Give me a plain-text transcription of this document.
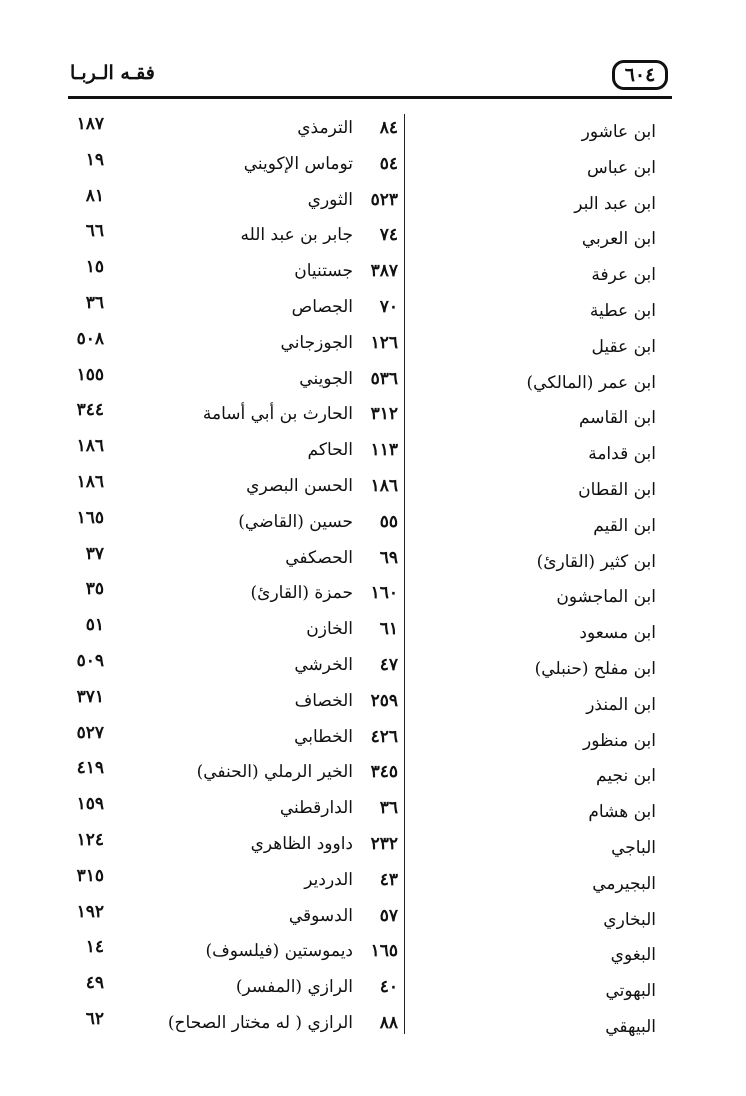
٦٠٤
فقـه الـربـا
ابن عاشور
٨٤
الترمذي
١٨٧
ابن عباس
٥٤
توماس الإكويني
١٩
ابن عبد البر
٥٢٣
الثوري
٨١
ابن العربي
٧٤
جابر بن عبد الله
٦٦
ابن عرفة
٣٨٧
جستنيان
١٥
ابن عطية
٧٠
الجصاص
٣٦
ابن عقيل
١٢٦
الجوزجاني
٥٠٨
ابن عمر (المالكي)
٥٣٦
الجويني
١٥٥
ابن القاسم
٣١٢
الحارث بن أبي أسامة
٣٤٤
ابن قدامة
١١٣
الحاكم
١٨٦
ابن القطان
١٨٦
الحسن البصري
١٨٦
ابن القيم
٥٥
حسين (القاضي)
١٦٥
ابن كثير (القارئ)
٦٩
الحصكفي
٣٧
ابن الماجشون
١٦٠
حمزة (القارئ)
٣٥
ابن مسعود
٦١
الخازن
٥١
ابن مفلح (حنبلي)
٤٧
الخرشي
٥٠٩
ابن المنذر
٢٥٩
الخصاف
٣٧١
ابن منظور
٤٢٦
الخطابي
٥٢٧
ابن نجيم
٣٤٥
الخير الرملي (الحنفي)
٤١٩
ابن هشام
٣٦
الدارقطني
١٥٩
الباجي
٢٣٢
داوود الظاهري
١٢٤
البجيرمي
٤٣
الدردير
٣١٥
البخاري
٥٧
الدسوقي
١٩٢
البغوي
١٦٥
ديموستين (فيلسوف)
١٤
البهوتي
٤٠
الرازي (المفسر)
٤٩
البيهقي
٨٨
الرازي ( له مختار الصحاح)
٦٢
